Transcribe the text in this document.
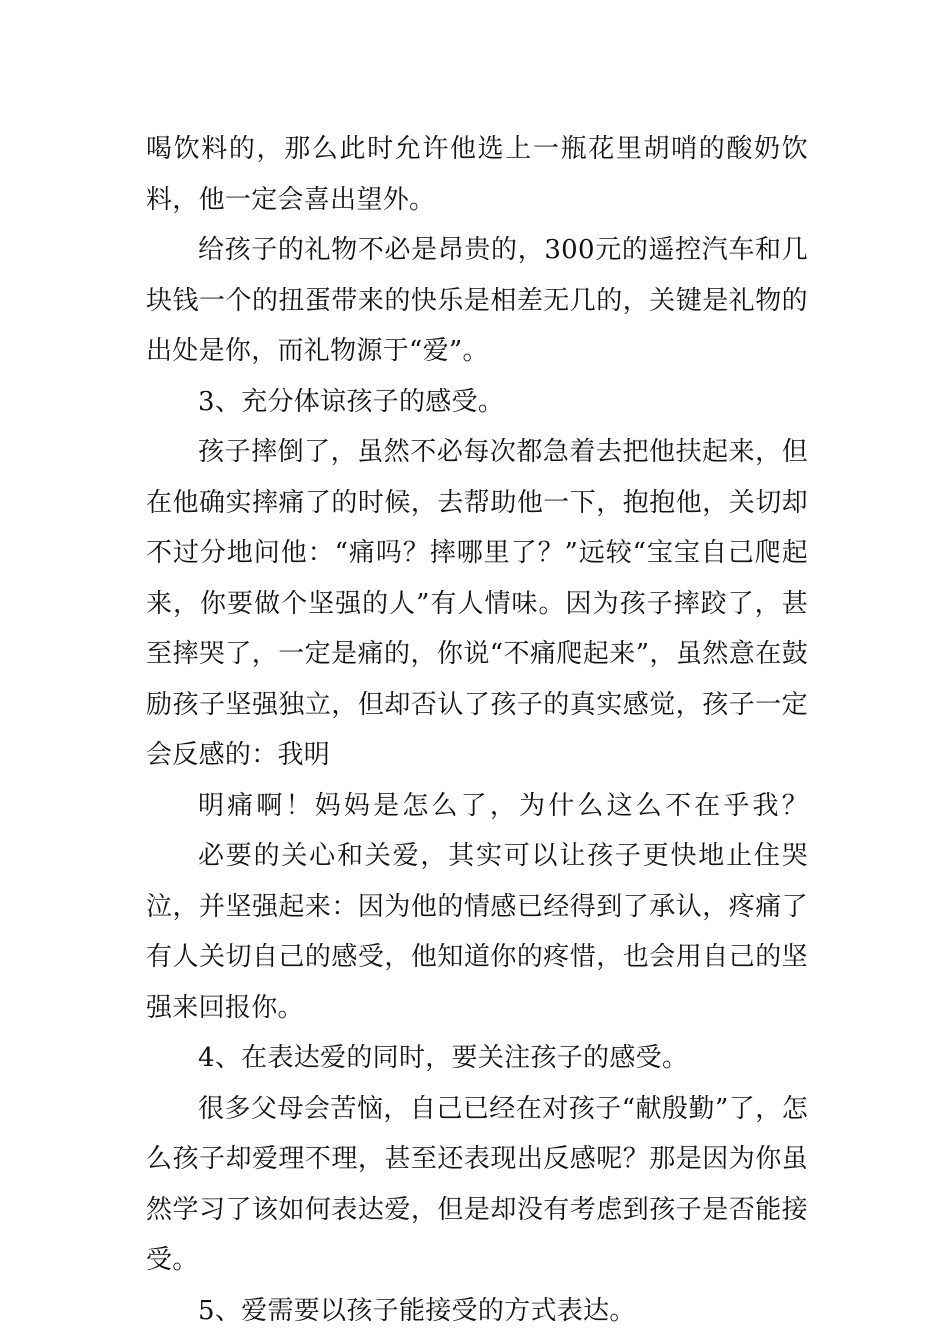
喝饮料的，那么此时允许他选上一瓶花里胡哨的酸奶饮料，他一定会喜出望外。

给孩子的礼物不必是昂贵的，300元的遥控汽车和几块钱一个的扭蛋带来的快乐是相差无几的，关键是礼物的出处是你，而礼物源于“爱”。

3、充分体谅孩子的感受。

孩子摔倒了，虽然不必每次都急着去把他扶起来，但在他确实摔痛了的时候，去帮助他一下，抱抱他，关切却不过分地问他：“痛吗？摔哪里了？”远较“宝宝自己爬起来，你要做个坚强的人”有人情味。因为孩子摔跤了，甚至摔哭了，一定是痛的，你说“不痛爬起来”，虽然意在鼓励孩子坚强独立，但却否认了孩子的真实感觉，孩子一定会反感的：我明
明痛啊！妈妈是怎么了，为什么这么不在乎我？

必要的关心和关爱，其实可以让孩子更快地止住哭泣，并坚强起来：因为他的情感已经得到了承认，疼痛了有人关切自己的感受，他知道你的疼惜，也会用自己的坚强来回报你。

4、在表达爱的同时，要关注孩子的感受。

很多父母会苦恼，自己已经在对孩子“献殷勤”了，怎么孩子却爱理不理，甚至还表现出反感呢？那是因为你虽然学习了该如何表达爱，但是却没有考虑到孩子是否能接受。

5、爱需要以孩子能接受的方式表达。
